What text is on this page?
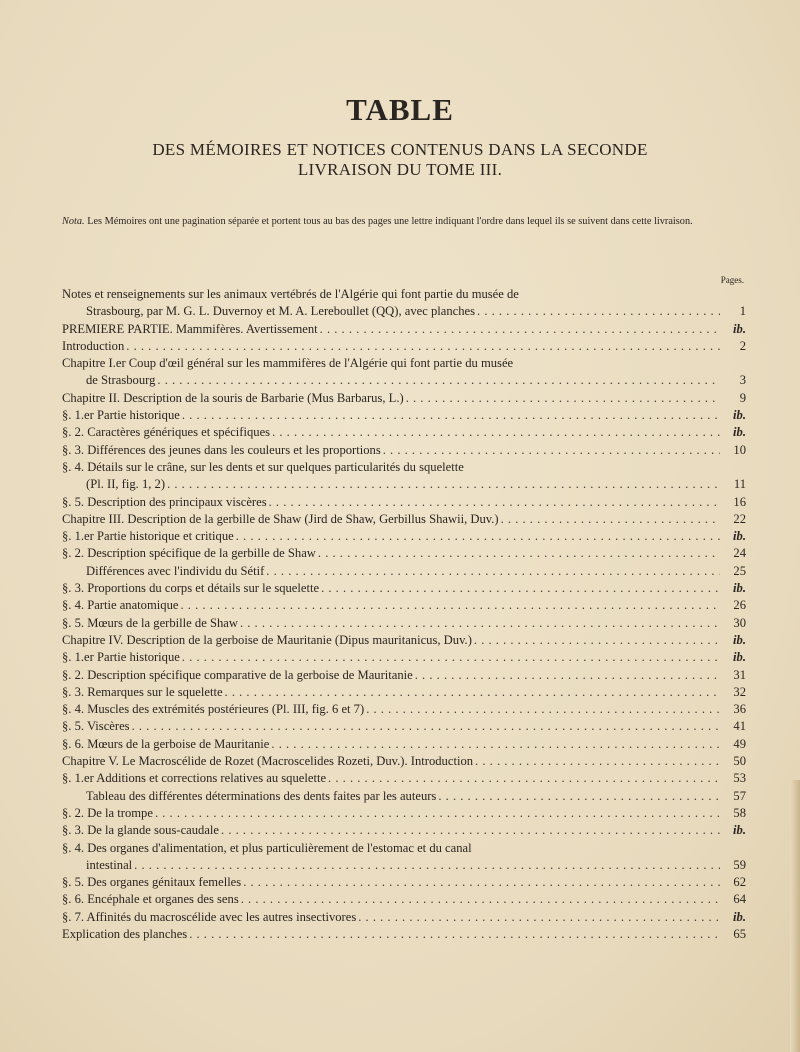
TABLE
DES MÉMOIRES ET NOTICES CONTENUS DANS LA SECONDE
LIVRAISON DU TOME III.
Nota. Les Mémoires ont une pagination séparée et portent tous au bas des pages une lettre indiquant l'ordre dans lequel ils se suivent dans cette livraison.
Pages.
Notes et renseignements sur les animaux vertébrés de l'Algérie qui font partie du musée de
Strasbourg, par M. G. L. Duvernoy et M. A. Lereboullet (QQ), avec planches . . .	1
PREMIERE PARTIE. Mammifères. Avertissement . . .	ib.
Introduction . . .	2
Chapitre I.er Coup d'œil général sur les mammifères de l'Algérie qui font partie du musée
de Strasbourg . . .	3
Chapitre II. Description de la souris de Barbarie (Mus Barbarus, L.) . . .	9
§. 1.er Partie historique . . .	ib.
§. 2. Caractères génériques et spécifiques . . .	ib.
§. 3. Différences des jeunes dans les couleurs et les proportions . . .	10
§. 4. Détails sur le crâne, sur les dents et sur quelques particularités du squelette
(Pl. II, fig. 1, 2) . . .	11
§. 5. Description des principaux viscères . . .	16
Chapitre III. Description de la gerbille de Shaw (Jird de Shaw, Gerbillus Shawii, Duv.) . . .	22
§. 1.er Partie historique et critique . . .	ib.
§. 2. Description spécifique de la gerbille de Shaw . . .	24
Différences avec l'individu du Sétif . . .	25
§. 3. Proportions du corps et détails sur le squelette . . .	ib.
§. 4. Partie anatomique . . .	26
§. 5. Mœurs de la gerbille de Shaw . . .	30
Chapitre IV. Description de la gerboise de Mauritanie (Dipus mauritanicus, Duv.) . . .	ib.
§. 1.er Partie historique . . .	ib.
§. 2. Description spécifique comparative de la gerboise de Mauritanie . . .	31
§. 3. Remarques sur le squelette . . .	32
§. 4. Muscles des extrémités postérieures (Pl. III, fig. 6 et 7) . . .	36
§. 5. Viscères . . .	41
§. 6. Mœurs de la gerboise de Mauritanie . . .	49
Chapitre V. Le Macroscélide de Rozet (Macroscelides Rozeti, Duv.). Introduction . . .	50
§. 1.er Additions et corrections relatives au squelette . . .	53
Tableau des différentes déterminations des dents faites par les auteurs . . .	57
§. 2. De la trompe . . .	58
§. 3. De la glande sous-caudale . . .	ib.
§. 4. Des organes d'alimentation, et plus particulièrement de l'estomac et du canal
intestinal . . .	59
§. 5. Des organes génitaux femelles . . .	62
§. 6. Encéphale et organes des sens . . .	64
§. 7. Affinités du macroscélide avec les autres insectivores . . .	ib.
Explication des planches . . .	65
